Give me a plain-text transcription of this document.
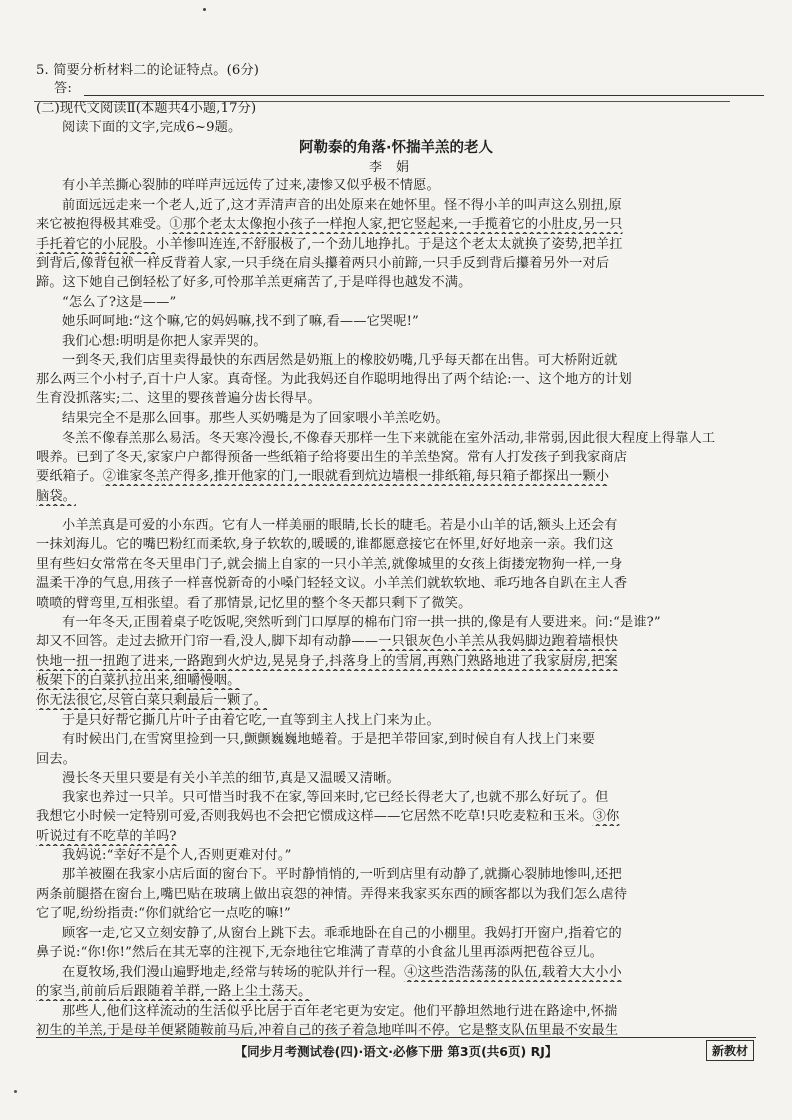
5. 简要分析材料二的论证特点。(6分)
答:
(二)现代文阅读Ⅱ(本题共4小题,17分)
阅读下面的文字,完成6~9题。
阿勒泰的角落·怀揣羊羔的老人
李娟
有小羊羔撕心裂肺的咩咩声远远传了过来,凄惨又似乎极不情愿。
前面远远走来一个老人,近了,这才弄清声音的出处原来在她怀里。怪不得小羊的叫声这么别扭,原
来它被抱得极其难受。①那个老太太像抱小孩子一样抱人家,把它竖起来,一手揽着它的小肚皮,另一只
手托着它的小屁股。小羊惨叫连连,不舒服极了,一个劲儿地挣扎。于是这个老太太就换了姿势,把羊扛
到背后,像背包袱一样反背着人家,一只手绕在肩头攥着两只小前蹄,一只手反到背后攥着另外一对后
蹄。这下她自己倒轻松了好多,可怜那羊羔更痛苦了,于是咩得也越发不满。
“怎么了?这是——”
她乐呵呵地:“这个嘛,它的妈妈嘛,找不到了嘛,看——它哭呢!”
我们心想:明明是你把人家弄哭的。
一到冬天,我们店里卖得最快的东西居然是奶瓶上的橡胶奶嘴,几乎每天都在出售。可大桥附近就
那么两三个小村子,百十户人家。真奇怪。为此我妈还自作聪明地得出了两个结论:一、这个地方的计划
生育没抓落实;二、这里的婴孩普遍分齿长得早。
结果完全不是那么回事。那些人买奶嘴是为了回家喂小羊羔吃奶。
冬羔不像春羔那么易活。冬天寒冷漫长,不像春天那样一生下来就能在室外活动,非常弱,因此很大程度上得靠人工
喂养。已到了冬天,家家户户都得预备一些纸箱子给将要出生的羊羔垫窝。常有人打发孩子到我家商店
要纸箱子。②谁家冬羔产得多,推开他家的门,一眼就看到炕边墙根一排纸箱,每只箱子都探出一颗小
脑袋。
小羊羔真是可爱的小东西。它有人一样美丽的眼睛,长长的睫毛。若是小山羊的话,额头上还会有
一抹刘海儿。它的嘴巴粉红而柔软,身子软软的,暖暖的,谁都愿意接它在怀里,好好地亲一亲。我们这
里有些妇女常常在冬天里串门子,就会揣上自家的一只小羊羔,就像城里的女孩上街搂宠物狗一样,一身
温柔干净的气息,用孩子一样喜悦新奇的小嗓门轻轻文议。小羊羔们就软软地、乖巧地各自趴在主人香
喷喷的臂弯里,互相张望。看了那情景,记忆里的整个冬天都只剩下了微笑。
有一年冬天,正围着桌子吃饭呢,突然听到门口厚厚的棉布门帘一拱一拱的,像是有人要进来。问:“是谁?”
却又不回答。走过去掀开门帘一看,没人,脚下却有动静——一只银灰色小羊羔从我妈脚边跑着墙根快
快地一扭一扭跑了进来,一路跑到火炉边,晃晃身子,抖落身上的雪屑,再熟门熟路地进了我家厨房,把案
板架下的白菜扒拉出来,细嚼慢咽。
你无法很它,尽管白菜只剩最后一颗了。
于是只好帮它撕几片叶子由着它吃,一直等到主人找上门来为止。
有时候出门,在雪窝里捡到一只,颤颤巍巍地蜷着。于是把羊带回家,到时候自有人找上门来要
回去。
漫长冬天里只要是有关小羊羔的细节,真是又温暖又清晰。
我家也养过一只羊。只可惜当时我不在家,等回来时,它已经长得老大了,也就不那么好玩了。但
我想它小时候一定特别可爱,否则我妈也不会把它惯成这样——它居然不吃草!只吃麦粒和玉米。③你
听说过有不吃草的羊吗?
我妈说:“幸好不是个人,否则更难对付。”
那羊被圈在我家小店后面的窗台下。平时静悄悄的,一听到店里有动静了,就撕心裂肺地惨叫,还把
两条前腿搭在窗台上,嘴巴贴在玻璃上做出哀怨的神情。弄得来我家买东西的顾客都以为我们怎么虐待
它了呢,纷纷指责:“你们就给它一点吃的嘛!”
顾客一走,它又立刻安静了,从窗台上跳下去。乖乖地卧在自己的小棚里。我妈打开窗户,指着它的
鼻子说:“你!你!”然后在其无辜的注视下,无奈地往它堆满了青草的小食盆儿里再添两把苞谷豆儿。
在夏牧场,我们漫山遍野地走,经常与转场的驼队并行一程。④这些浩浩荡荡的队伍,载着大大小小
的家当,前前后后跟随着羊群,一路上尘土荡天。
那些人,他们这样流动的生活似乎比居于百年老宅更为安定。他们平静坦然地行进在路途中,怀揣
初生的羊羔,于是母羊便紧随鞍前马后,冲着自己的孩子着急地咩叫不停。它是整支队伍里最不安最生
【同步月考测试卷(四)·语文·必修下册 第3页(共6页) RJ】	新教材
